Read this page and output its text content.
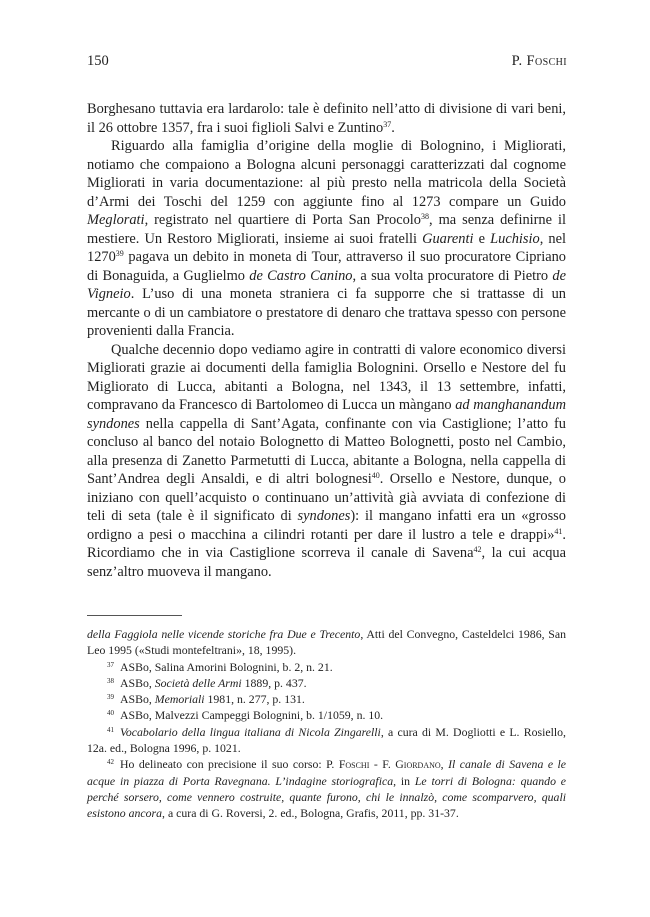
150	P. Foschi

Borghesano tuttavia era lardarolo: tale è definito nell’atto di divisione di vari beni, il 26 ottobre 1357, fra i suoi figlioli Salvi e Zuntino$^{37}$.

Riguardo alla famiglia d’origine della moglie di Bolognino, i Migliorati, notiamo che compaiono a Bologna alcuni personaggi caratterizzati dal cognome Migliorati in varia documentazione: al più presto nella matricola della Società d’Armi dei Toschi del 1259 con aggiunte fino al 1273 compare un Guido Meglorati, registrato nel quartiere di Porta San Procolo$^{38}$, ma senza definirne il mestiere. Un Restoro Migliorati, insieme ai suoi fratelli Guarenti e Luchisio, nel 1270$^{39}$ pagava un debito in moneta di Tour, attraverso il suo procuratore Cipriano di Bonaguida, a Guglielmo de Castro Canino, a sua volta procuratore di Pietro de Vigneio. L’uso di una moneta straniera ci fa supporre che si trattasse di un mercante o di un cambiatore o prestatore di denaro che trattava spesso con persone provenienti dalla Francia.

Qualche decennio dopo vediamo agire in contratti di valore economico diversi Migliorati grazie ai documenti della famiglia Bolognini. Orsello e Nestore del fu Migliorato di Lucca, abitanti a Bologna, nel 1343, il 13 settembre, infatti, compravano da Francesco di Bartolomeo di Lucca un màngano ad manghanandum syndones nella cappella di Sant’Agata, confinante con via Castiglione; l’atto fu concluso al banco del notaio Bolognetto di Matteo Bolognetti, posto nel Cambio, alla presenza di Zanetto Parmetutti di Lucca, abitante a Bologna, nella cappella di Sant’Andrea degli Ansaldi, e di altri bolognesi$^{40}$. Orsello e Nestore, dunque, o iniziano con quell’acquisto o continuano un’attività già avviata di confezione di teli di seta (tale è il significato di syndones): il mangano infatti era un «grosso ordigno a pesi o macchina a cilindri rotanti per dare il lustro a tele e drappi»$^{41}$. Ricordiamo che in via Castiglione scorreva il canale di Savena$^{42}$, la cui acqua senz’altro muoveva il mangano.

della Faggiola nelle vicende storiche fra Due e Trecento, Atti del Convegno, Casteldelci 1986, San Leo 1995 («Studi montefeltrani», 18, 1995).

$^{37}$ ASBo, Salina Amorini Bolognini, b. 2, n. 21.

$^{38}$ ASBo, Società delle Armi 1889, p. 437.

$^{39}$ ASBo, Memoriali 1981, n. 277, p. 131.

$^{40}$ ASBo, Malvezzi Campeggi Bolognini, b. 1/1059, n. 10.

$^{41}$ Vocabolario della lingua italiana di Nicola Zingarelli, a cura di M. Dogliotti e L. Rosiello, 12a. ed., Bologna 1996, p. 1021.

$^{42}$ Ho delineato con precisione il suo corso: P. Foschi - F. Giordano, Il canale di Savena e le acque in piazza di Porta Ravegnana. L’indagine storiografica, in Le torri di Bologna: quando e perché sorsero, come vennero costruite, quante furono, chi le innalzò, come scomparvero, quali esistono ancora, a cura di G. Roversi, 2. ed., Bologna, Grafis, 2011, pp. 31-37.
